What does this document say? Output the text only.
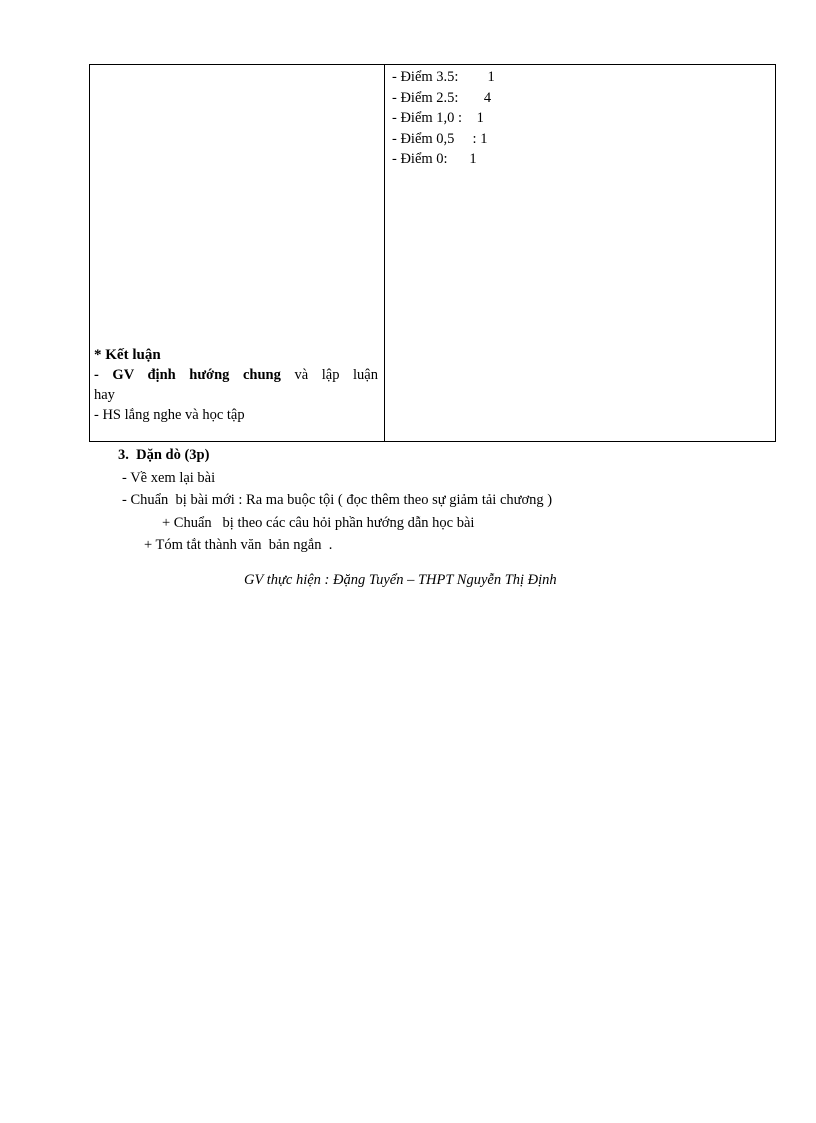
* Kết luận
- GV định hướng chung và lập luận
hay
- HS lắng nghe và học tập
- Điểm 3.5:        1
- Điểm 2.5:       4
- Điểm 1,0 :    1
- Điểm 0,5     : 1
- Điểm 0:      1
3.  Dặn dò (3p)
- Về xem lại bài
- Chuẩn  bị bài mới : Ra ma buộc tội ( đọc thêm theo sự giảm tải chương )
+ Chuẩn   bị theo các câu hỏi phần hướng dẫn học bài
+ Tóm tắt thành văn  bản ngắn  .
GV thực hiện : Đặng Tuyển – THPT Nguyễn Thị Định
